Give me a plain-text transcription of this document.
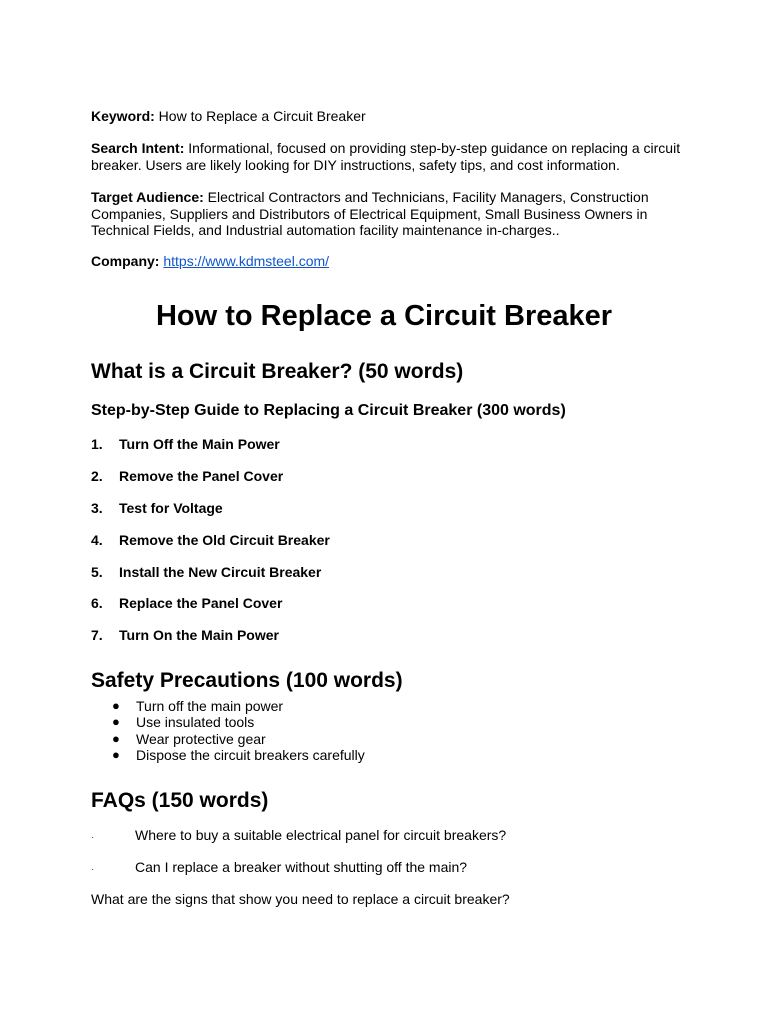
Keyword: How to Replace a Circuit Breaker
Search Intent: Informational, focused on providing step-by-step guidance on replacing a circuit breaker. Users are likely looking for DIY instructions, safety tips, and cost information.
Target Audience: Electrical Contractors and Technicians, Facility Managers, Construction Companies, Suppliers and Distributors of Electrical Equipment, Small Business Owners in Technical Fields, and Industrial automation facility maintenance in-charges..
Company: https://www.kdmsteel.com/
How to Replace a Circuit Breaker
What is a Circuit Breaker? (50 words)
Step-by-Step Guide to Replacing a Circuit Breaker (300 words)
1. Turn Off the Main Power
2. Remove the Panel Cover
3. Test for Voltage
4. Remove the Old Circuit Breaker
5. Install the New Circuit Breaker
6. Replace the Panel Cover
7. Turn On the Main Power
Safety Precautions (100 words)
● Turn off the main power
● Use insulated tools
● Wear protective gear
● Dispose the circuit breakers carefully
FAQs (150 words)
·	Where to buy a suitable electrical panel for circuit breakers?
·	Can I replace a breaker without shutting off the main?
What are the signs that show you need to replace a circuit breaker?
